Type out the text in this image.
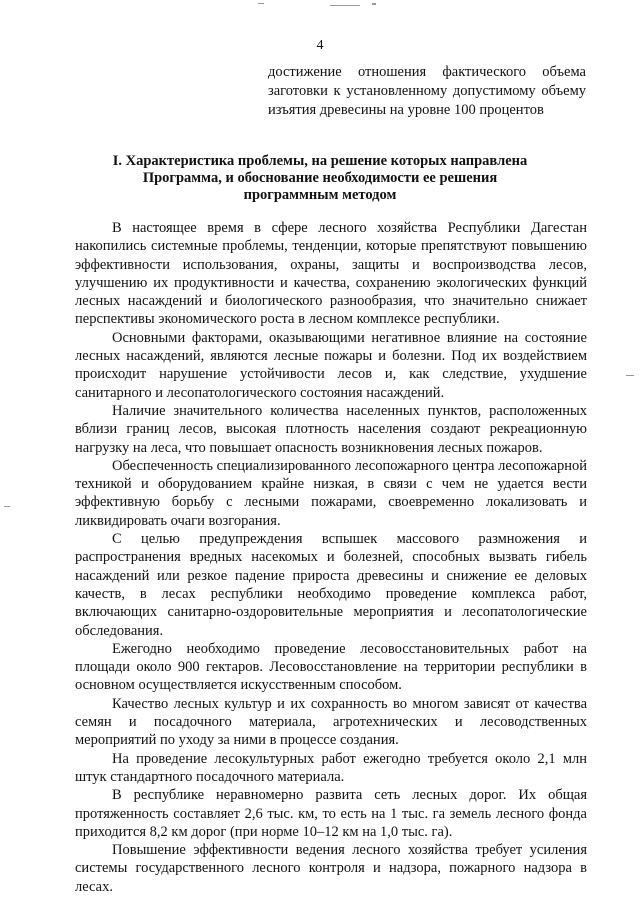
4
достижение отношения фактического объема заготовки к установленному допустимому объему изъятия древесины на уровне 100 процентов
I. Характеристика проблемы, на решение которых направлена
Программа, и обоснование необходимости ее решения
программным методом

В настоящее время в сфере лесного хозяйства Республики Дагестан накопились системные проблемы, тенденции, которые препятствуют повышению эффективности использования, охраны, защиты и воспроизводства лесов, улучшению их продуктивности и качества, сохранению экологических функций лесных насаждений и биологического разнообразия, что значительно снижает перспективы экономического роста в лесном комплексе республики.

Основными факторами, оказывающими негативное влияние на состояние лесных насаждений, являются лесные пожары и болезни. Под их воздействием происходит нарушение устойчивости лесов и, как следствие, ухудшение санитарного и лесопатологического состояния насаждений.

Наличие значительного количества населенных пунктов, расположенных вблизи границ лесов, высокая плотность населения создают рекреационную нагрузку на леса, что повышает опасность возникновения лесных пожаров.

Обеспеченность специализированного лесопожарного центра лесопожарной техникой и оборудованием крайне низкая, в связи с чем не удается вести эффективную борьбу с лесными пожарами, своевременно локализовать и ликвидировать очаги возгорания.

С целью предупреждения вспышек массового размножения и распространения вредных насекомых и болезней, способных вызвать гибель насаждений или резкое падение прироста древесины и снижение ее деловых качеств, в лесах республики необходимо проведение комплекса работ, включающих санитарно-оздоровительные мероприятия и лесопатологические обследования.

Ежегодно необходимо проведение лесовосстановительных работ на площади около 900 гектаров. Лесовосстановление на территории республики в основном осуществляется искусственным способом.

Качество лесных культур и их сохранность во многом зависят от качества семян и посадочного материала, агротехнических и лесоводственных мероприятий по уходу за ними в процессе создания.

На проведение лесокультурных работ ежегодно требуется около 2,1 млн штук стандартного посадочного материала.

В республике неравномерно развита сеть лесных дорог. Их общая протяженность составляет 2,6 тыс. км, то есть на 1 тыс. га земель лесного фонда приходится 8,2 км дорог (при норме 10–12 км на 1,0 тыс. га).

Повышение эффективности ведения лесного хозяйства требует усиления системы государственного лесного контроля и надзора, пожарного надзора в лесах.
